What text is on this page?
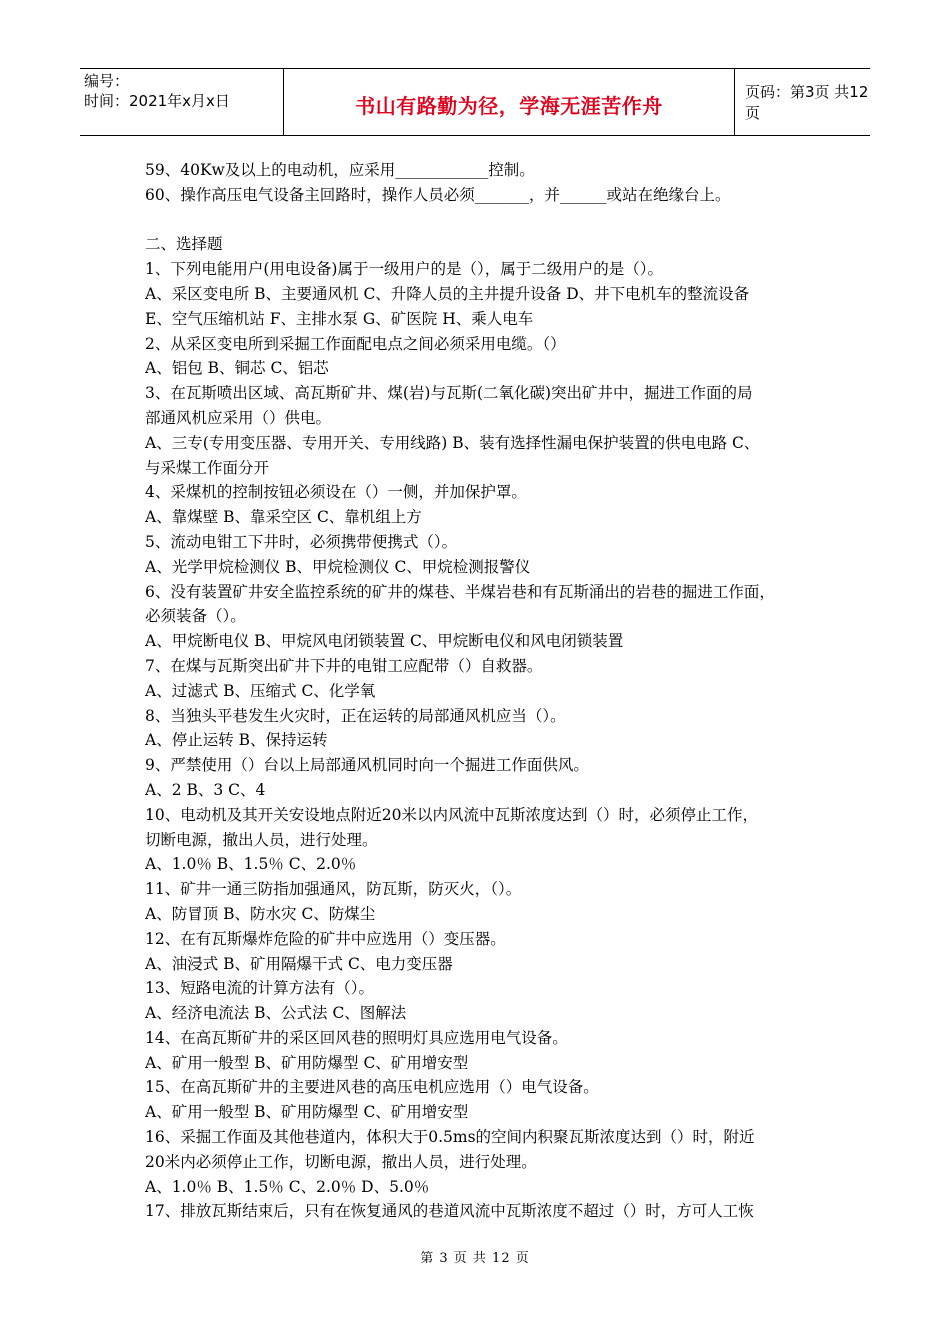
编号：
时间：2021年x月x日	书山有路勤为径，学海无涯苦作舟
页码：第3页 共12页
59、40Kw及以上的电动机，应采用____________控制。
60、操作高压电气设备主回路时，操作人员必须_______，并______或站在绝缘台上。
二、选择题
1、下列电能用户(用电设备)属于一级用户的是（），属于二级用户的是（）。
A、采区变电所 B、主要通风机 C、升降人员的主井提升设备 D、井下电机车的整流设备
E、空气压缩机站 F、主排水泵 G、矿医院 H、乘人电车
2、从采区变电所到采掘工作面配电点之间必须采用电缆。（）
A、铝包 B、铜芯 C、铝芯
3、在瓦斯喷出区域、高瓦斯矿井、煤(岩)与瓦斯(二氧化碳)突出矿井中，掘进工作面的局
部通风机应采用（）供电。
A、三专(专用变压器、专用开关、专用线路) B、装有选择性漏电保护装置的供电电路 C、
与采煤工作面分开
4、采煤机的控制按钮必须设在（）一侧，并加保护罩。
A、靠煤壁 B、靠采空区 C、靠机组上方
5、流动电钳工下井时，必须携带便携式（）。
A、光学甲烷检测仪 B、甲烷检测仪 C、甲烷检测报警仪
6、没有装置矿井安全监控系统的矿井的煤巷、半煤岩巷和有瓦斯涌出的岩巷的掘进工作面，
必须装备（）。
A、甲烷断电仪 B、甲烷风电闭锁装置 C、甲烷断电仪和风电闭锁装置
7、在煤与瓦斯突出矿井下井的电钳工应配带（）自救器。
A、过滤式 B、压缩式 C、化学氧
8、当独头平巷发生火灾时，正在运转的局部通风机应当（）。
A、停止运转 B、保持运转
9、严禁使用（）台以上局部通风机同时向一个掘进工作面供风。
A、2 B、3 C、4
10、电动机及其开关安设地点附近20米以内风流中瓦斯浓度达到（）时，必须停止工作，
切断电源，撤出人员，进行处理。
A、1.0％ B、1.5％ C、2.0％
11、矿井一通三防指加强通风，防瓦斯，防灭火，（）。
A、防冒顶 B、防水灾 C、防煤尘
12、在有瓦斯爆炸危险的矿井中应选用（）变压器。
A、油浸式 B、矿用隔爆干式 C、电力变压器
13、短路电流的计算方法有（）。
A、经济电流法 B、公式法 C、图解法
14、在高瓦斯矿井的采区回风巷的照明灯具应选用电气设备。
A、矿用一般型 B、矿用防爆型 C、矿用增安型
15、在高瓦斯矿井的主要进风巷的高压电机应选用（）电气设备。
A、矿用一般型 B、矿用防爆型 C、矿用增安型
16、采掘工作面及其他巷道内，体积大于0.5ms的空间内积聚瓦斯浓度达到（）时，附近
20米内必须停止工作，切断电源，撤出人员，进行处理。
A、1.0％ B、1.5％ C、2.0％ D、5.0％
17、排放瓦斯结束后，只有在恢复通风的巷道风流中瓦斯浓度不超过（）时，方可人工恢
第 3 页 共 12 页
